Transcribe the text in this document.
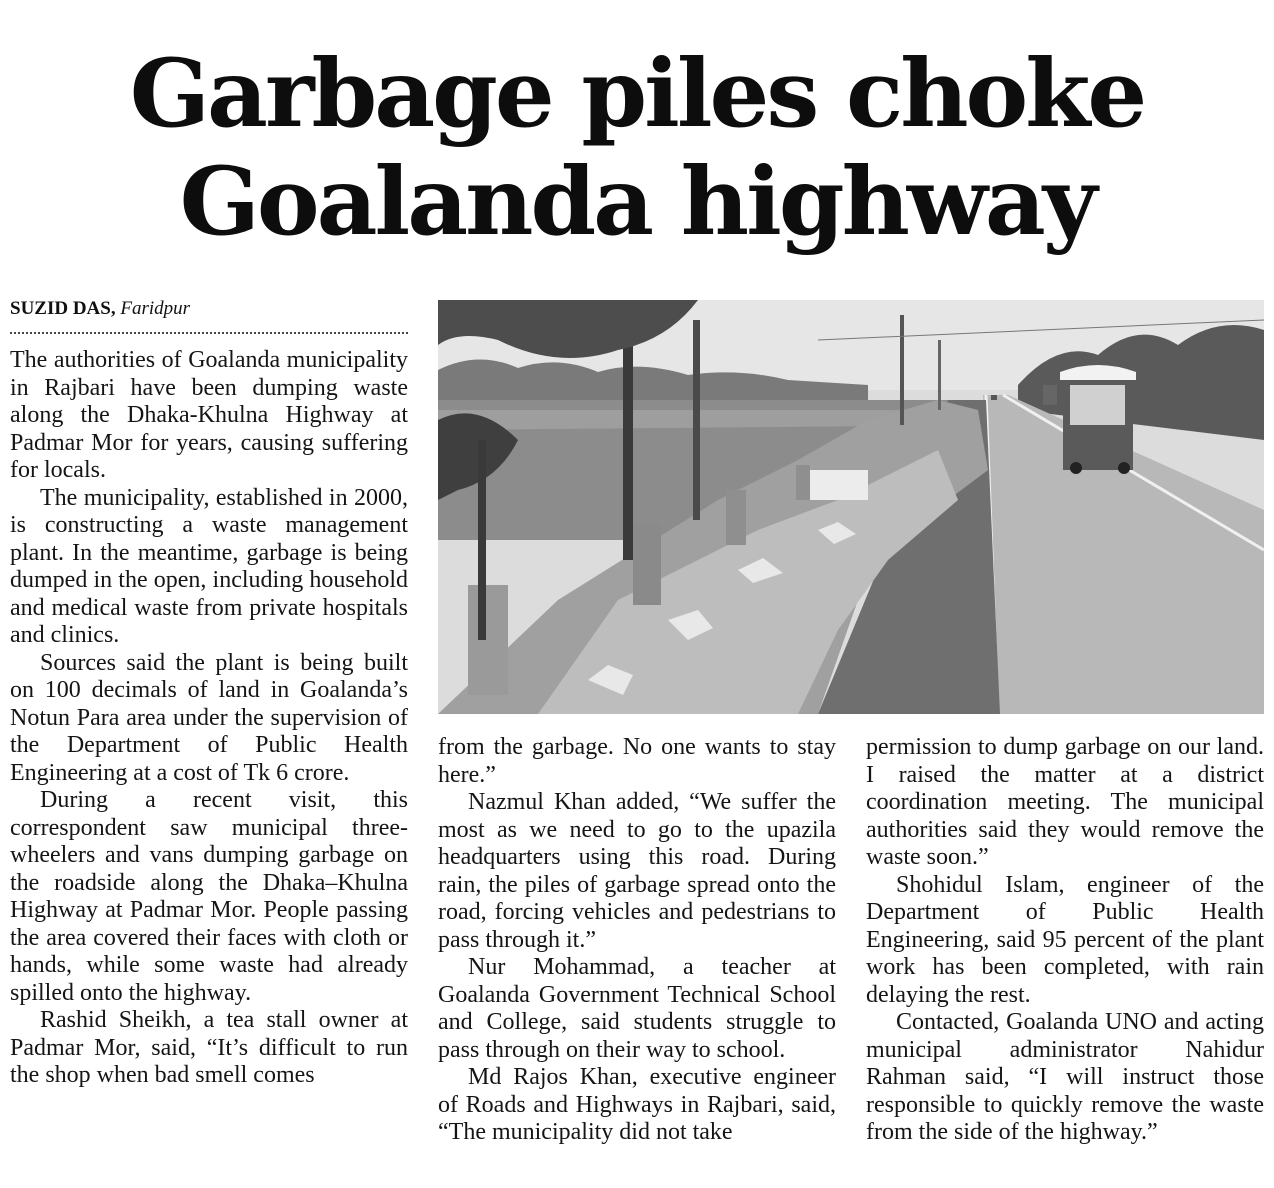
Garbage piles choke
Goalanda highway
SUZID DAS, Faridpur

The authorities of Goalanda municipality in Rajbari have been dumping waste along the Dhaka-Khulna Highway at Padmar Mor for years, causing suffering for locals.

The municipality, established in 2000, is constructing a waste management plant. In the meantime, garbage is being dumped in the open, including household and medical waste from private hospitals and clinics.

Sources said the plant is being built on 100 decimals of land in Goalanda’s Notun Para area under the supervision of the Department of Public Health Engineering at a cost of Tk 6 crore.

During a recent visit, this correspondent saw municipal three-wheelers and vans dumping garbage on the roadside along the Dhaka–Khulna Highway at Padmar Mor. People passing the area covered their faces with cloth or hands, while some waste had already spilled onto the highway.

Rashid Sheikh, a tea stall owner at Padmar Mor, said, “It’s difficult to run the shop when bad smell comes

from the garbage. No one wants to stay here.”

Nazmul Khan added, “We suffer the most as we need to go to the upazila headquarters using this road. During rain, the piles of garbage spread onto the road, forcing vehicles and pedestrians to pass through it.”

Nur Mohammad, a teacher at Goalanda Government Technical School and College, said students struggle to pass through on their way to school.

Md Rajos Khan, executive engineer of Roads and Highways in Rajbari, said, “The municipality did not take

permission to dump garbage on our land. I raised the matter at a district coordination meeting. The municipal authorities said they would remove the waste soon.”

Shohidul Islam, engineer of the Department of Public Health Engineering, said 95 percent of the plant work has been completed, with rain delaying the rest.

Contacted, Goalanda UNO and acting municipal administrator Nahidur Rahman said, “I will instruct those responsible to quickly remove the waste from the side of the highway.”
